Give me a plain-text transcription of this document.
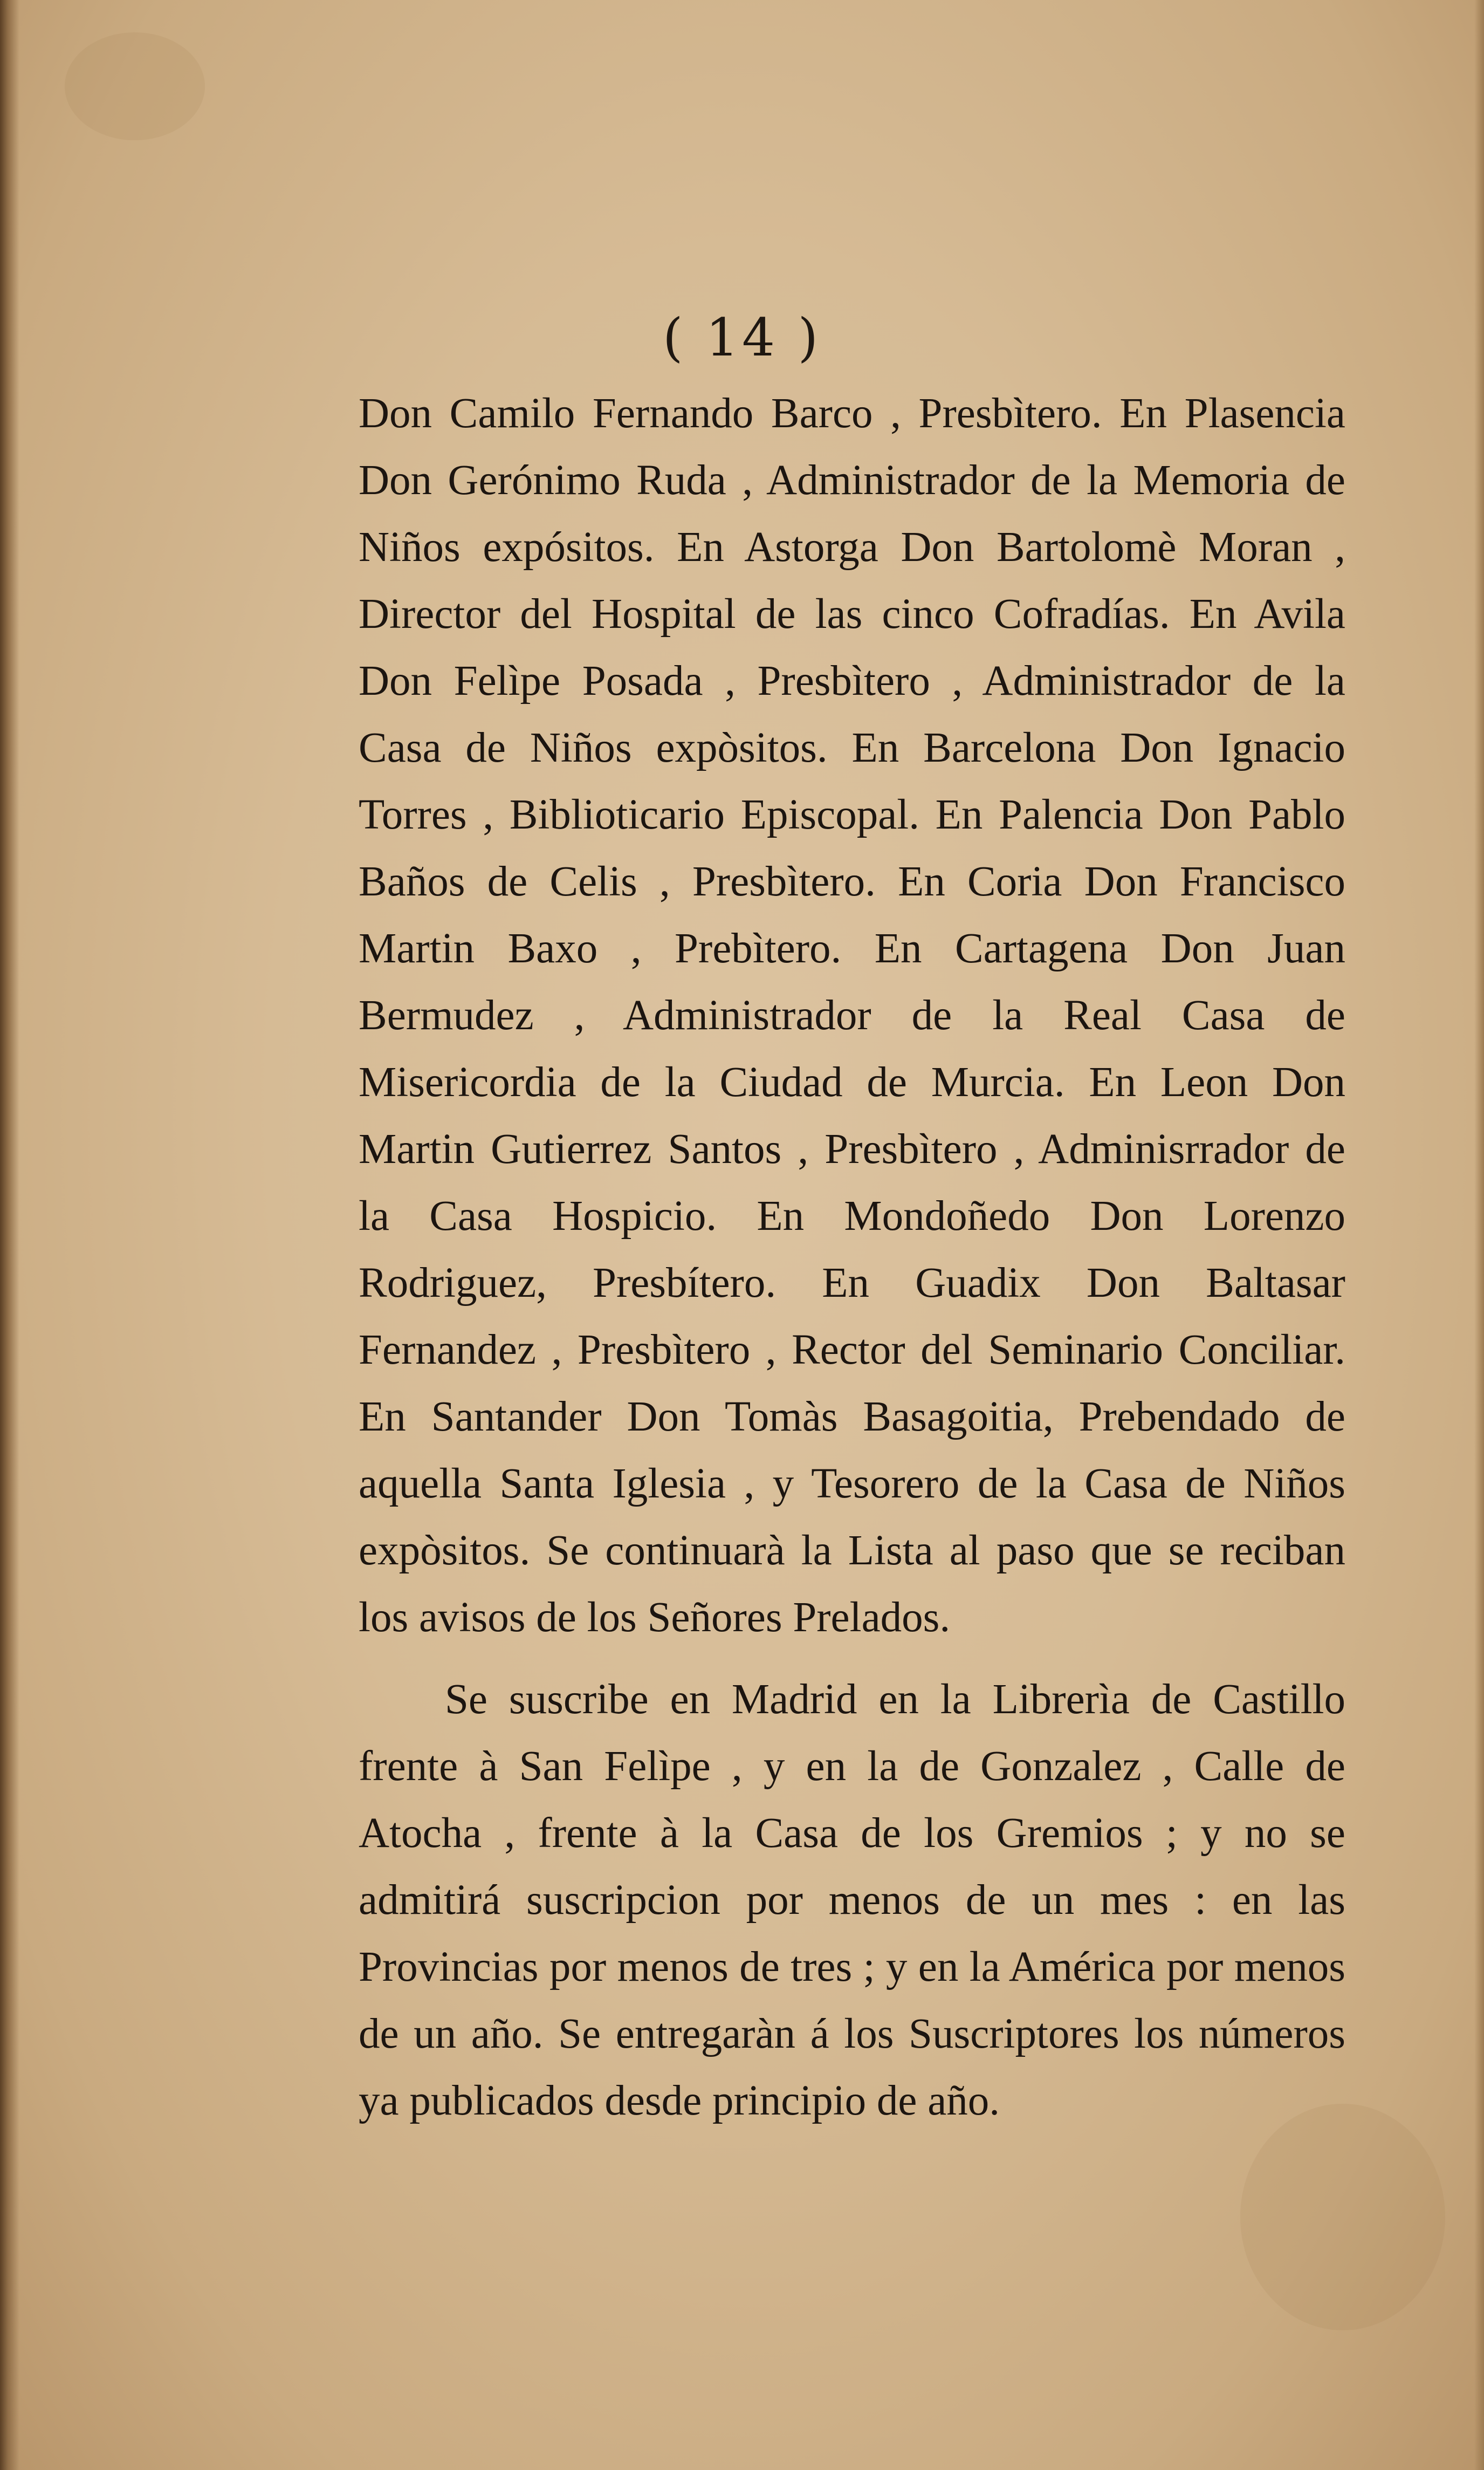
( 14 )

Don Camilo Fernando Barco , Presbìtero. En Plasencia Don Gerónimo Ruda , Administrador de la Memoria de Niños expósitos. En Astorga Don Bartolomè Moran , Director del Hospital de las cinco Cofradías. En Avila Don Felìpe Posada , Presbìtero , Administrador de la Casa de Niños expòsitos. En Barcelona Don Ignacio Torres , Biblioticario Episcopal. En Palencia Don Pablo Baños de Celis , Presbìtero. En Coria Don Francisco Martin Baxo , Prebìtero. En Cartagena Don Juan Bermudez , Administrador de la Real Casa de Misericordia de la Ciudad de Murcia. En Leon Don Martin Gutierrez Santos , Presbìtero , Adminisrrador de la Casa Hospicio. En Mondoñedo Don Lorenzo Rodriguez, Presbítero. En Guadix Don Baltasar Fernandez , Presbìtero , Rector del Seminario Conciliar. En Santander Don Tomàs Basagoitia, Prebendado de aquella Santa Iglesia , y Tesorero de la Casa de Niños expòsitos. Se continuarà la Lista al paso que se reciban los avisos de los Señores Prelados.

Se suscribe en Madrid en la Librerìa de Castillo frente à San Felìpe , y en la de Gonzalez , Calle de Atocha , frente à la Casa de los Gremios ; y no se admitirá suscripcion por menos de un mes : en las Provincias por menos de tres ; y en la América por menos de un año. Se entregaràn á los Suscriptores los números ya publicados desde principio de año.
